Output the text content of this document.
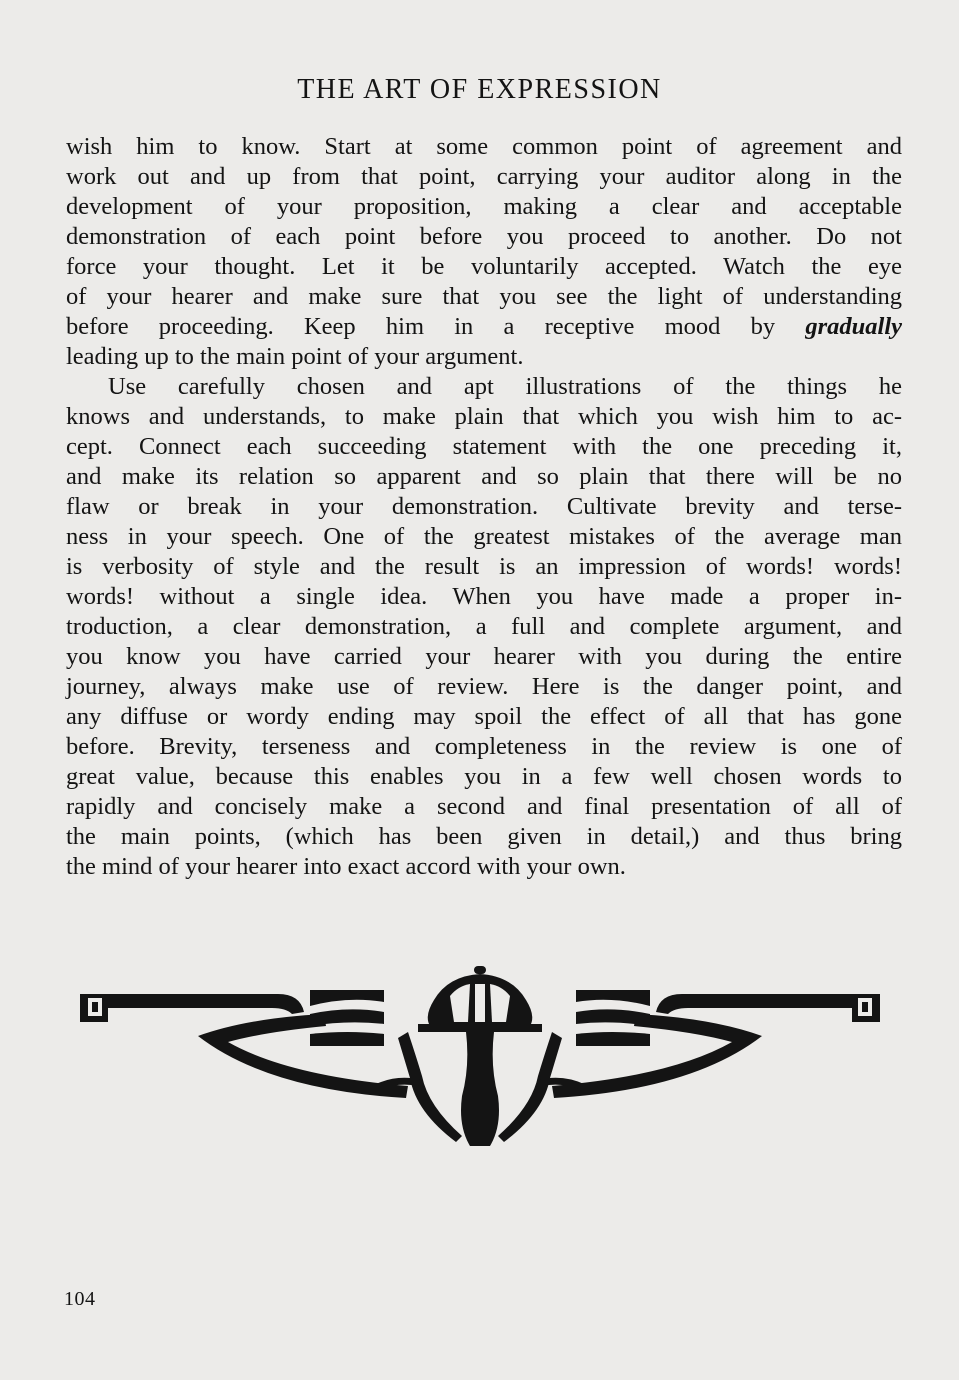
THE ART OF EXPRESSION
wish him to know. Start at some common point of agreement and
work out and up from that point, carrying your auditor along in the
development of your proposition, making a clear and acceptable
demonstration of each point before you proceed to another. Do not
force your thought. Let it be voluntarily accepted. Watch the eye
of your hearer and make sure that you see the light of understanding
before proceeding. Keep him in a receptive mood by gradually
leading up to the main point of your argument.
Use carefully chosen and apt illustrations of the things he
knows and understands, to make plain that which you wish him to ac-
cept. Connect each succeeding statement with the one preceding it,
and make its relation so apparent and so plain that there will be no
flaw or break in your demonstration. Cultivate brevity and terse-
ness in your speech. One of the greatest mistakes of the average man
is verbosity of style and the result is an impression of words! words!
words! without a single idea. When you have made a proper in-
troduction, a clear demonstration, a full and complete argument, and
you know you have carried your hearer with you during the entire
journey, always make use of review. Here is the danger point, and
any diffuse or wordy ending may spoil the effect of all that has gone
before. Brevity, terseness and completeness in the review is one of
great value, because this enables you in a few well chosen words to
rapidly and concisely make a second and final presentation of all of
the main points, (which has been given in detail,) and thus bring
the mind of your hearer into exact accord with your own.
104
